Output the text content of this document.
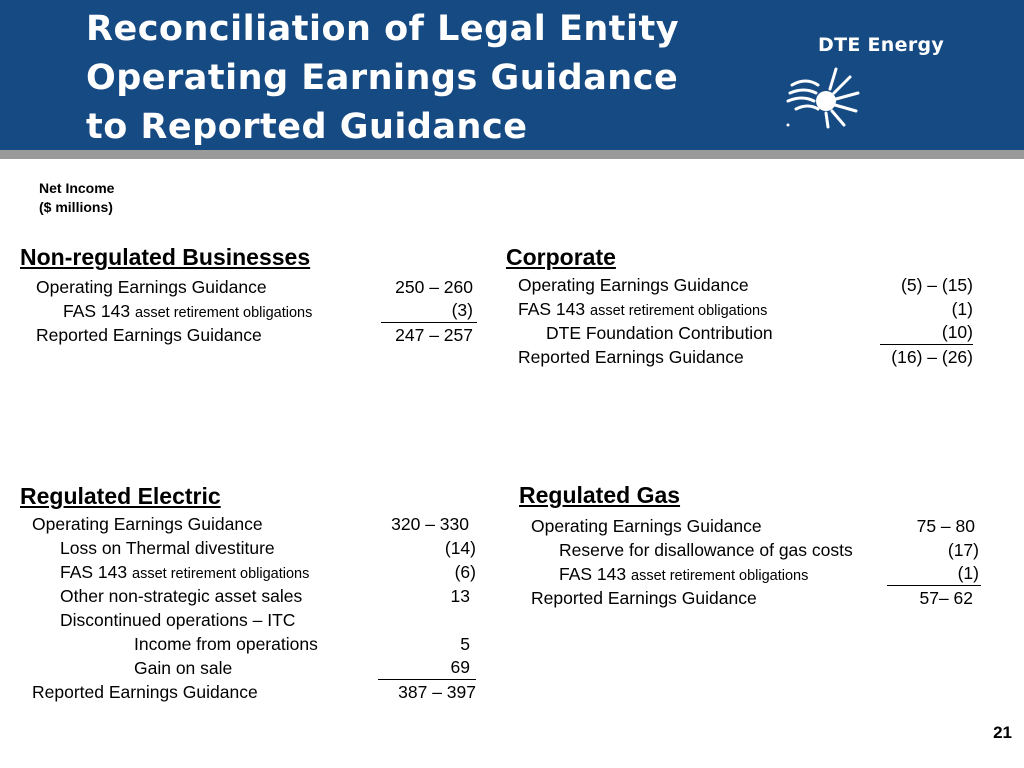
Reconciliation of Legal Entity
Operating Earnings Guidance
to Reported Guidance
DTE Energy
Net Income
($ millions)
Non-regulated Businesses
Operating Earnings Guidance	250 – 260
FAS 143 asset retirement obligations	(3)
Reported Earnings Guidance	247 – 257
Corporate
Operating Earnings Guidance	(5) – (15)
FAS 143 asset retirement obligations	(1)
DTE Foundation Contribution	(10)
Reported Earnings Guidance	(16) – (26)
Regulated Electric
Operating Earnings Guidance	320 – 330
Loss on Thermal divestiture	(14)
FAS 143 asset retirement obligations	(6)
Other non-strategic asset sales	13
Discontinued operations – ITC
Income from operations	5
Gain on sale	69
Reported Earnings Guidance	387 – 397
Regulated Gas
Operating Earnings Guidance	75 – 80
Reserve for disallowance of gas costs	(17)
FAS 143 asset retirement obligations	(1)
Reported Earnings Guidance	57– 62
21
